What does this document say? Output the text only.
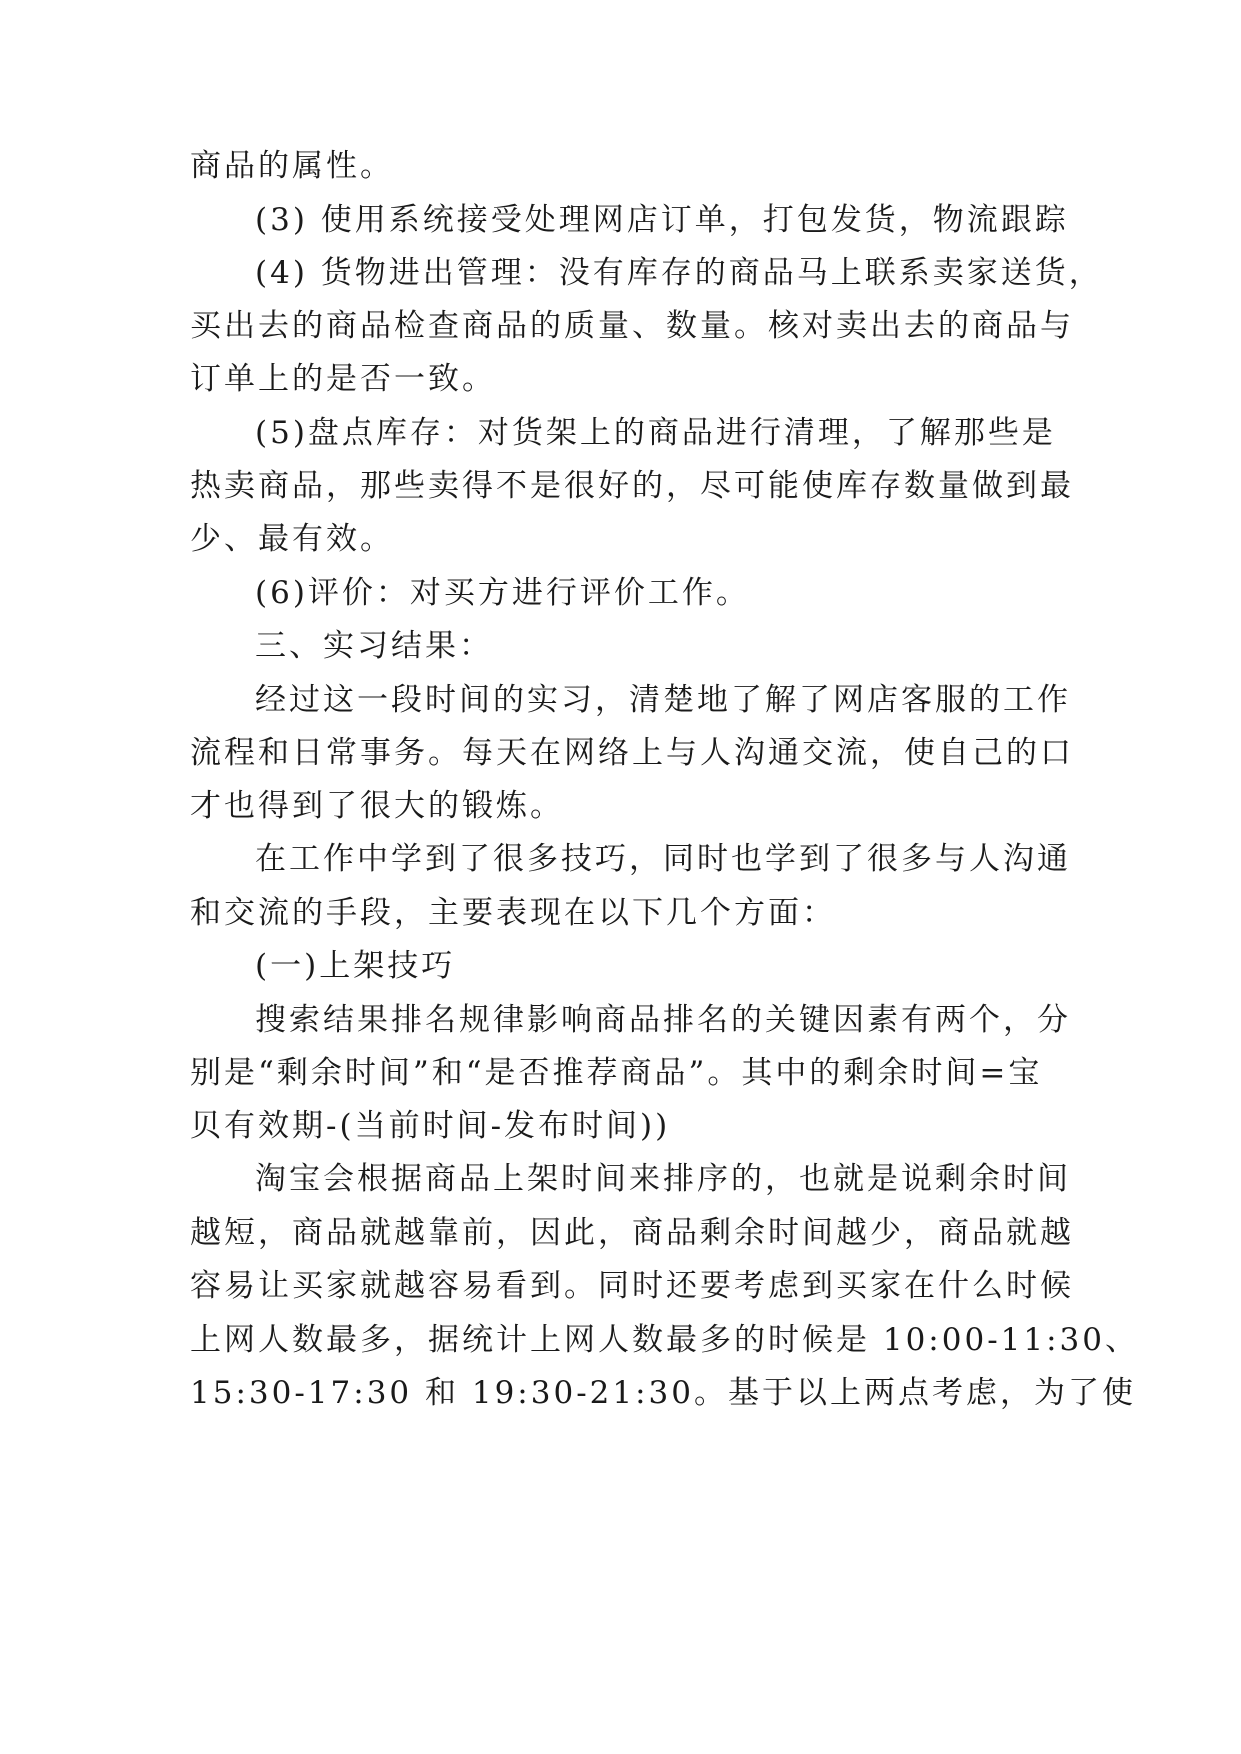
商品的属性。
(3) 使用系统接受处理网店订单，打包发货，物流跟踪
(4) 货物进出管理：没有库存的商品马上联系卖家送货，
买出去的商品检查商品的质量、数量。核对卖出去的商品与
订单上的是否一致。
(5)盘点库存：对货架上的商品进行清理，了解那些是
热卖商品，那些卖得不是很好的，尽可能使库存数量做到最
少、最有效。
(6)评价：对买方进行评价工作。
三、实习结果：
经过这一段时间的实习，清楚地了解了网店客服的工作
流程和日常事务。每天在网络上与人沟通交流，使自己的口
才也得到了很大的锻炼。
在工作中学到了很多技巧，同时也学到了很多与人沟通
和交流的手段，主要表现在以下几个方面：
(一)上架技巧
搜索结果排名规律影响商品排名的关键因素有两个，分
别是“剩余时间”和“是否推荐商品”。其中的剩余时间=宝
贝有效期-(当前时间-发布时间))
淘宝会根据商品上架时间来排序的，也就是说剩余时间
越短，商品就越靠前，因此，商品剩余时间越少，商品就越
容易让买家就越容易看到。同时还要考虑到买家在什么时候
上网人数最多，据统计上网人数最多的时候是 10:00-11:30、
15:30-17:30 和 19:30-21:30。基于以上两点考虑，为了使
